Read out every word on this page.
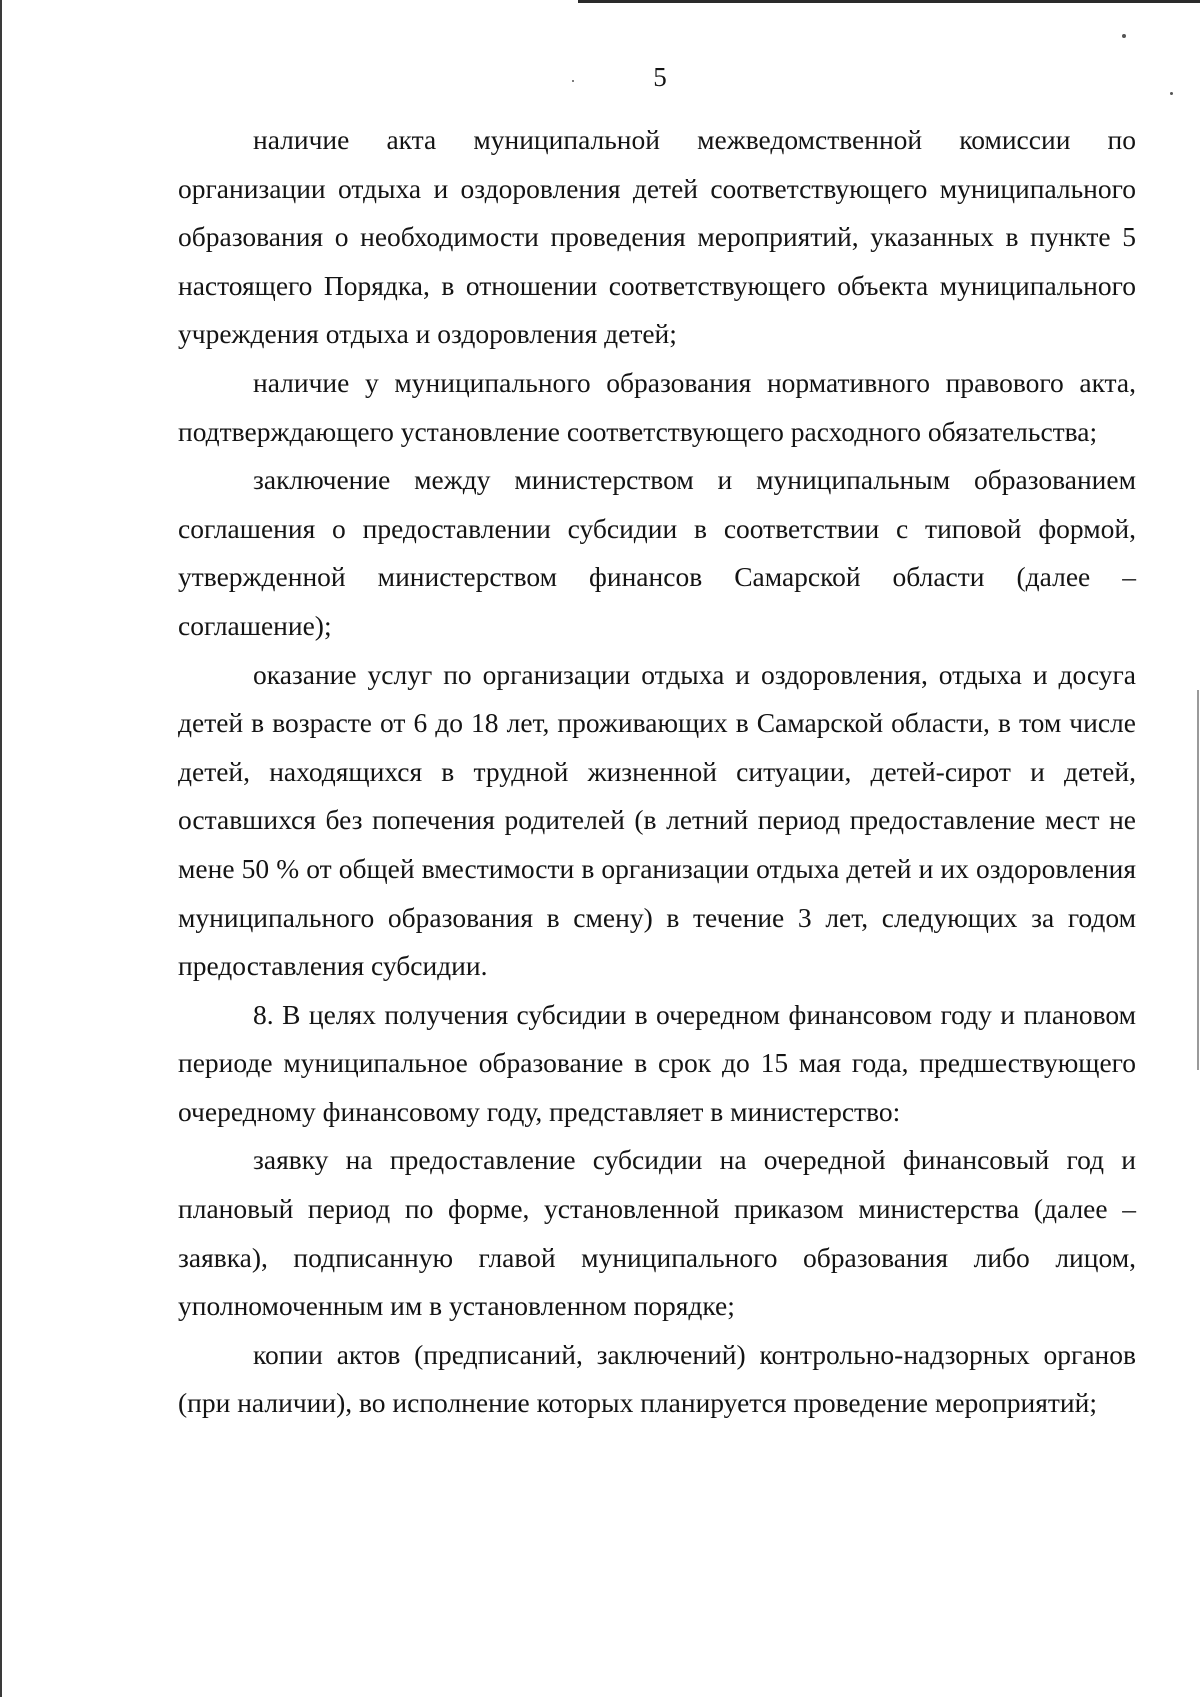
5

наличие акта муниципальной межведомственной комиссии по организации отдыха и оздоровления детей соответствующего муниципального образования о необходимости проведения мероприятий, указанных в пункте 5 настоящего Порядка, в отношении соответствующего объекта муниципального учреждения отдыха и оздоровления детей;

наличие у муниципального образования нормативного правового акта, подтверждающего установление соответствующего расходного обязательства;

заключение между министерством и муниципальным образованием соглашения о предоставлении субсидии в соответствии с типовой формой, утвержденной министерством финансов Самарской области (далее – соглашение);

оказание услуг по организации отдыха и оздоровления, отдыха и досуга детей в возрасте от 6 до 18 лет, проживающих в Самарской области, в том числе детей, находящихся в трудной жизненной ситуации, детей-сирот и детей, оставшихся без попечения родителей (в летний период предоставление мест не мене 50 % от общей вместимости в организации отдыха детей и их оздоровления муниципального образования в смену) в течение 3 лет, следующих за годом предоставления субсидии.

8. В целях получения субсидии в очередном финансовом году и плановом периоде муниципальное образование в срок до 15 мая года, предшествующего очередному финансовому году, представляет в министерство:

заявку на предоставление субсидии на очередной финансовый год и плановый период по форме, установленной приказом министерства (далее – заявка), подписанную главой муниципального образования либо лицом, уполномоченным им в установленном порядке;

копии актов (предписаний, заключений) контрольно-надзорных органов (при наличии), во исполнение которых планируется проведение мероприятий;
